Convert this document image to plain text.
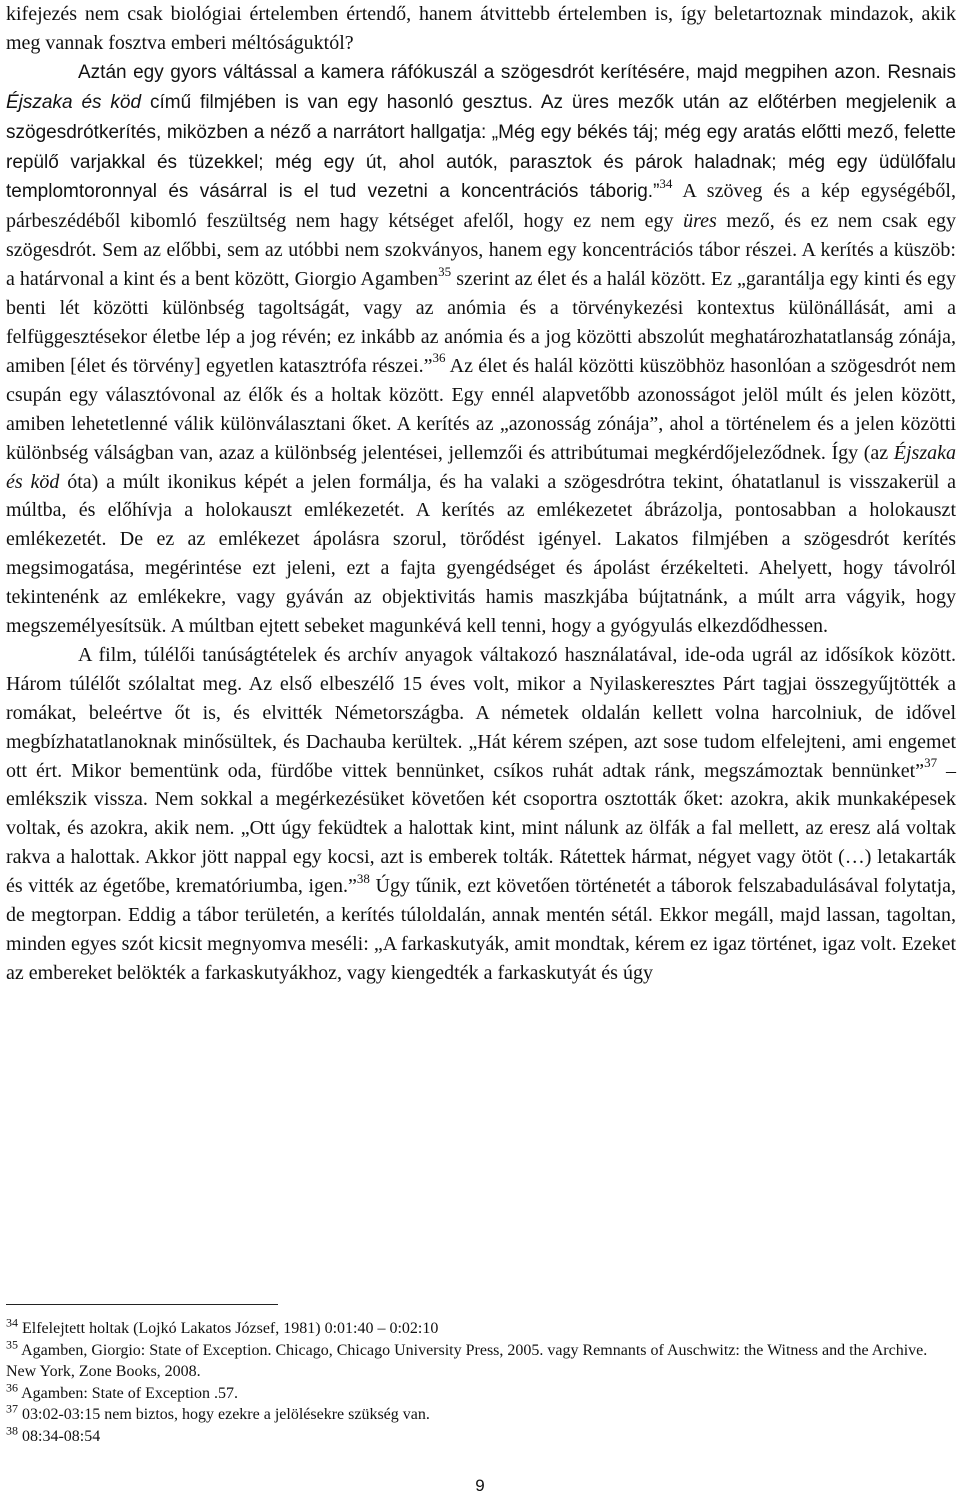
kifejezés nem csak biológiai értelemben értendő, hanem átvittebb értelemben is, így beletartoznak mindazok, akik meg vannak fosztva emberi méltóságuktól?

Aztán egy gyors váltással a kamera ráfókuszál a szögesdrót kerítésére, majd megpihen azon. Resnais Éjszaka és köd című filmjében is van egy hasonló gesztus. Az üres mezők után az előtérben megjelenik a szögesdrótkerítés, miközben a néző a narrátort hallgatja: „Még egy békés táj; még egy aratás előtti mező, felette repülő varjakkal és tüzekkel; még egy út, ahol autók, parasztok és párok haladnak; még egy üdülőfalu templomtoronnyal és vásárral is el tud vezetni a koncentrációs táborig.”$^{34}$ A szöveg és a kép egységéből, párbeszédéből kibomló feszültség nem hagy kétséget afelől, hogy ez nem egy üres mező, és ez nem csak egy szögesdrót. Sem az előbbi, sem az utóbbi nem szokványos, hanem egy koncentrációs tábor részei. A kerítés a küszöb: a határvonal a kint és a bent között, Giorgio Agamben$^{35}$ szerint az élet és a halál között. Ez „garantálja egy kinti és egy benti lét közötti különbség tagoltságát, vagy az anómia és a törvénykezési kontextus különállását, ami a felfüggesztésekor életbe lép a jog révén; ez inkább az anómia és a jog közötti abszolút meghatározhatatlanság zónája, amiben [élet és törvény] egyetlen katasztrófa részei.”$^{36}$ Az élet és halál közötti küszöbhöz hasonlóan a szögesdrót nem csupán egy választóvonal az élők és a holtak között. Egy ennél alapvetőbb azonosságot jelöl múlt és jelen között, amiben lehetetlenné válik különválasztani őket. A kerítés az „azonosság zónája”, ahol a történelem és a jelen közötti különbség válságban van, azaz a különbség jelentései, jellemzői és attribútumai megkérdőjeleződnek. Így (az Éjszaka és köd óta) a múlt ikonikus képét a jelen formálja, és ha valaki a szögesdrótra tekint, óhatatlanul is visszakerül a múltba, és előhívja a holokauszt emlékezetét. A kerítés az emlékezetet ábrázolja, pontosabban a holokauszt emlékezetét. De ez az emlékezet ápolásra szorul, törődést igényel. Lakatos filmjében a szögesdrót kerítés megsimogatása, megérintése ezt jeleni, ezt a fajta gyengédséget és ápolást érzékelteti. Ahelyett, hogy távolról tekintenénk az emlékekre, vagy gyáván az objektivitás hamis maszkjába bújtatnánk, a múlt arra vágyik, hogy megszemélyesítsük. A múltban ejtett sebeket magunkévá kell tenni, hogy a gyógyulás elkezdődhessen.

A film, túlélői tanúságtételek és archív anyagok váltakozó használatával, ide-oda ugrál az idősíkok között. Három túlélőt szólaltat meg. Az első elbeszélő 15 éves volt, mikor a Nyilaskeresztes Párt tagjai összegyűjtötték a romákat, beleértve őt is, és elvitték Németországba. A németek oldalán kellett volna harcolniuk, de idővel megbízhatatlanoknak minősültek, és Dachauba kerültek. „Hát kérem szépen, azt sose tudom elfelejteni, ami engemet ott ért. Mikor bementünk oda, fürdőbe vittek bennünket, csíkos ruhát adtak ránk, megszámoztak bennünket”$^{37}$ – emlékszik vissza. Nem sokkal a megérkezésüket követően két csoportra osztották őket: azokra, akik munkaképesek voltak, és azokra, akik nem. „Ott úgy feküdtek a halottak kint, mint nálunk az ölfák a fal mellett, az eresz alá voltak rakva a halottak. Akkor jött nappal egy kocsi, azt is emberek tolták. Rátettek hármat, négyet vagy ötöt (…) letakarták és vitték az égetőbe, krematóriumba, igen.”$^{38}$ Úgy tűnik, ezt követően történetét a táborok felszabadulásával folytatja, de megtorpan. Eddig a tábor területén, a kerítés túloldalán, annak mentén sétál. Ekkor megáll, majd lassan, tagoltan, minden egyes szót kicsit megnyomva meséli: „A farkaskutyák, amit mondtak, kérem ez igaz történet, igaz volt. Ezeket az embereket belökték a farkaskutyákhoz, vagy kiengedték a farkaskutyát és úgy

$^{34}$ Elfelejtett holtak (Lojkó Lakatos József, 1981) 0:01:40 – 0:02:10

$^{35}$ Agamben, Giorgio: State of Exception. Chicago, Chicago University Press, 2005. vagy Remnants of Auschwitz: the Witness and the Archive. New York, Zone Books, 2008.

$^{36}$ Agamben: State of Exception .57.

$^{37}$ 03:02-03:15 nem biztos, hogy ezekre a jelölésekre szükség van.

$^{38}$ 08:34-08:54

9
